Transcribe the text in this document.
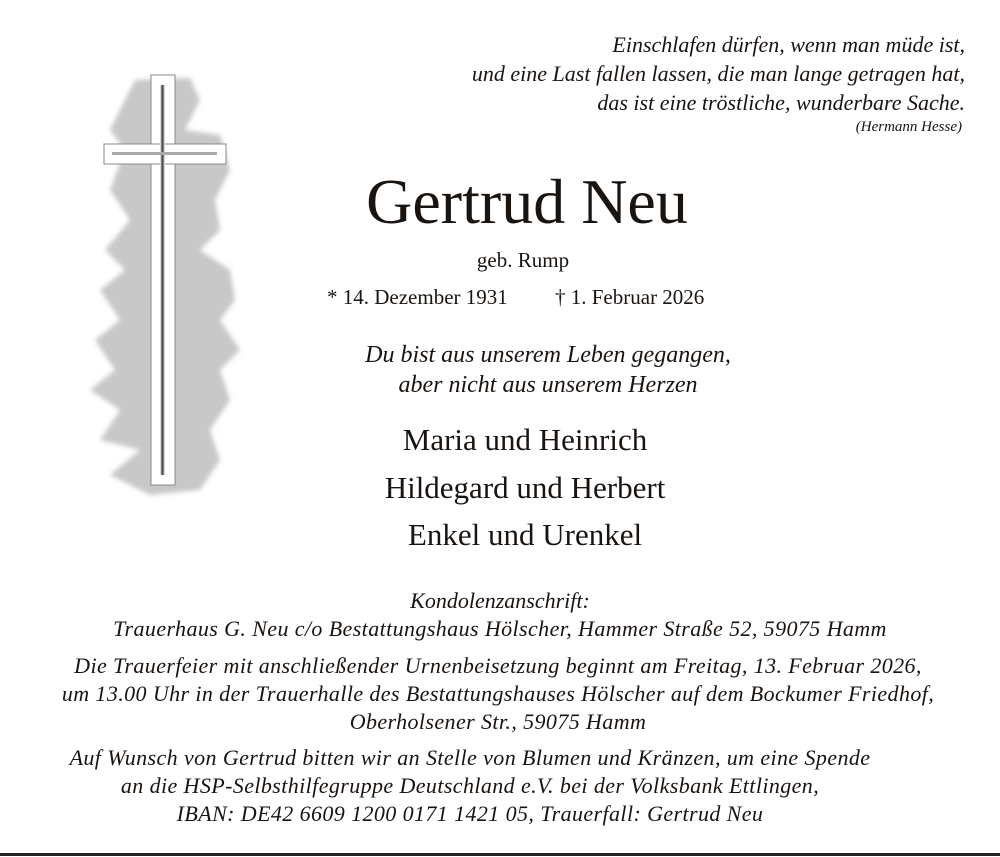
Einschlafen dürfen, wenn man müde ist,
und eine Last fallen lassen, die man lange getragen hat,
das ist eine tröstliche, wunderbare Sache.
(Hermann Hesse)
Gertrud Neu
geb. Rump
* 14. Dezember 1931 † 1. Februar 2026
Du bist aus unserem Leben gegangen,
aber nicht aus unserem Herzen
Maria und Heinrich
Hildegard und Herbert
Enkel und Urenkel
Kondolenzanschrift:
Trauerhaus G. Neu c/o Bestattungshaus Hölscher, Hammer Straße 52, 59075 Hamm
Die Trauerfeier mit anschließender Urnenbeisetzung beginnt am Freitag, 13. Februar 2026,
um 13.00 Uhr in der Trauerhalle des Bestattungshauses Hölscher auf dem Bockumer Friedhof,
Oberholsener Str., 59075 Hamm
Auf Wunsch von Gertrud bitten wir an Stelle von Blumen und Kränzen, um eine Spende
an die HSP-Selbsthilfegruppe Deutschland e.V. bei der Volksbank Ettlingen,
IBAN: DE42 6609 1200 0171 1421 05, Trauerfall: Gertrud Neu
